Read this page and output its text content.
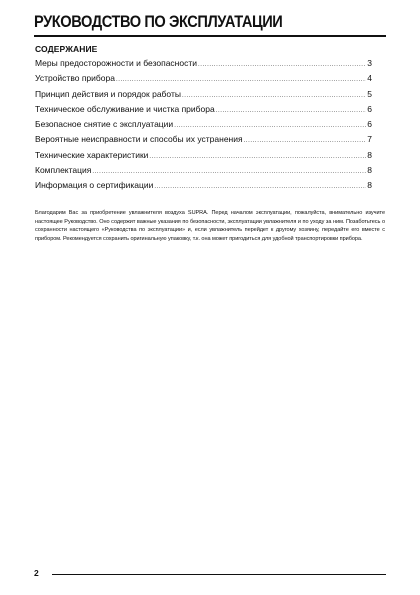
РУКОВОДСТВО ПО ЭКСПЛУАТАЦИИ
СОДЕРЖАНИЕ
Меры предосторожности и безопасности .....	3
Устройство прибора .....	4
Принцип действия и порядок работы .....	5
Техническое обслуживание и чистка прибора .....	6
Безопасное снятие с эксплуатации .....	6
Вероятные неисправности и способы их устранения .....	7
Технические характеристики .....	8
Комплектация .....	8
Информация о сертификации .....	8

Благодарим Вас за приобретение увлажнителя воздуха SUPRA. Перед началом эксплуатации, пожалуйста, внимательно изучите настоящее Руководство. Оно содержит важные указания по безопасности, эксплуатации увлажнителя и по уходу за ним. Позаботьтесь о сохранности настоящего «Руководства по эксплуатации» и, если увлажнитель перейдет к другому хозяину, передайте его вместе с прибором. Рекомендуется сохранить оригинальную упаковку, т.к. она может пригодиться для удобной транспортировки прибора.

2
